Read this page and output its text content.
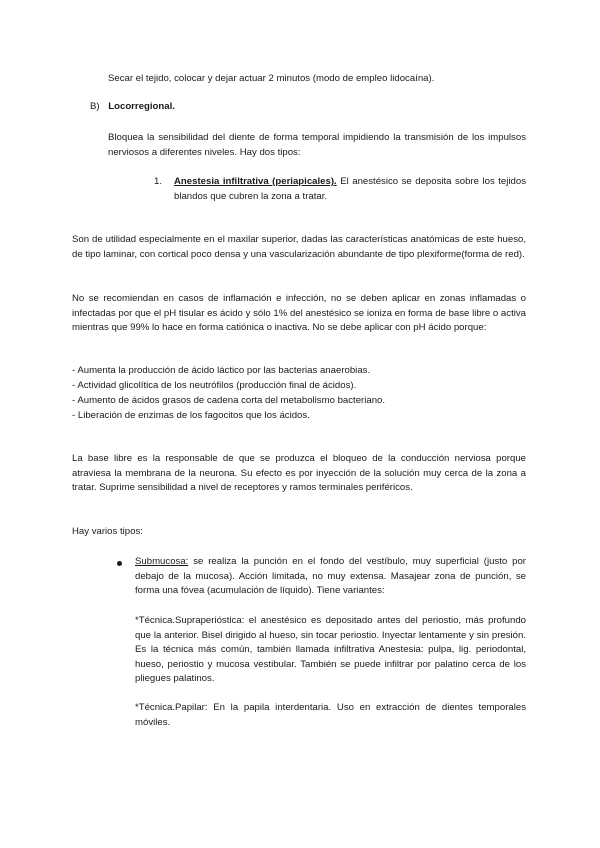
Secar el tejido, colocar y dejar actuar 2 minutos (modo de empleo lidocaína).

B) Locorregional.

Bloquea la sensibilidad del diente de forma temporal impidiendo la transmisión de los impulsos nerviosos a diferentes niveles. Hay dos tipos:

1. Anestesia infiltrativa (periapicales). El anestésico se deposita sobre los tejidos blandos que cubren la zona a tratar.

Son de utilidad especialmente en el maxilar superior, dadas las características anatómicas de este hueso, de tipo laminar, con cortical poco densa y una vascularización abundante de tipo plexiforme(forma de red).

No se recomiendan en casos de inflamación e infección, no se deben aplicar en zonas inflamadas o infectadas por que el pH tisular es ácido y sólo 1% del anestésico se ioniza en forma de base libre o activa mientras que 99% lo hace en forma catiónica o inactiva. No se debe aplicar con pH ácido porque:

- Aumenta la producción de ácido láctico por las bacterias anaerobias.
- Actividad glicolítica de los neutrófilos (producción final de ácidos).
- Aumento de ácidos grasos de cadena corta del metabolismo bacteriano.
- Liberación de enzimas de los fagocitos que los ácidos.

La base libre es la responsable de que se produzca el bloqueo de la conducción nerviosa porque atraviesa la membrana de la neurona. Su efecto es por inyección de la solución muy cerca de la zona a tratar. Suprime sensibilidad a nivel de receptores y ramos terminales periféricos.

Hay varios tipos:

Submucosa: se realiza la punción en el fondo del vestíbulo, muy superficial (justo por debajo de la mucosa). Acción limitada, no muy extensa. Masajear zona de punción, se forma una fóvea (acumulación de líquido). Tiene variantes:

*Técnica.Supraperióstica: el anestésico es depositado antes del periostio, más profundo que la anterior. Bisel dirigido al hueso, sin tocar periostio. Inyectar lentamente y sin presión. Es la técnica más común, también llamada infiltrativa Anestesia: pulpa, lig. periodontal, hueso, periostio y mucosa vestibular. También se puede infiltrar por palatino cerca de los pliegues palatinos.

*Técnica.Papilar: En la papila interdentaria. Uso en extracción de dientes temporales móviles.
